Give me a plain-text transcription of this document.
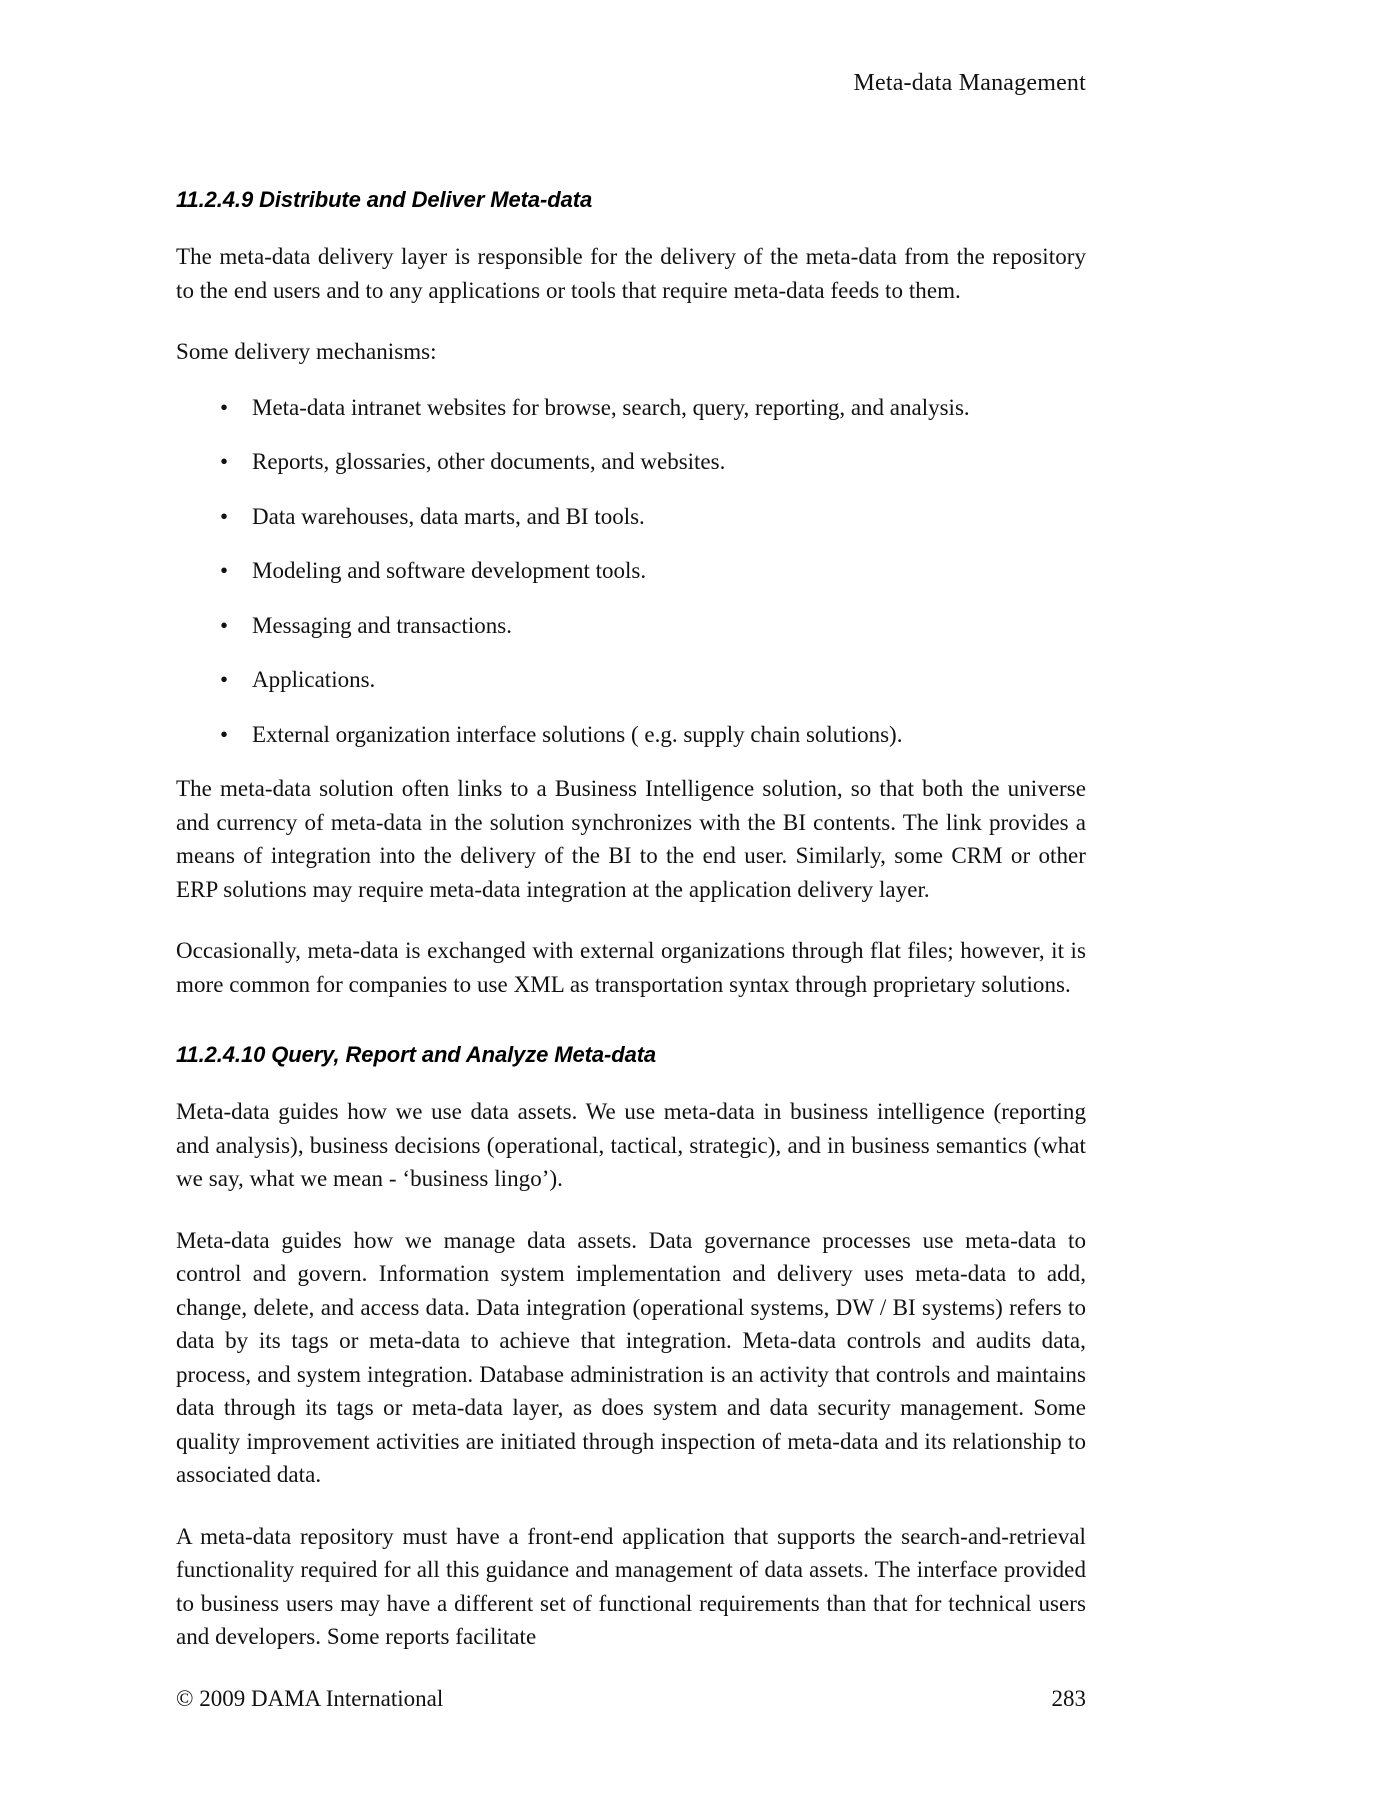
Meta-data Management
11.2.4.9 Distribute and Deliver Meta-data

The meta-data delivery layer is responsible for the delivery of the meta-data from the repository to the end users and to any applications or tools that require meta-data feeds to them.

Some delivery mechanisms:

• Meta-data intranet websites for browse, search, query, reporting, and analysis.
• Reports, glossaries, other documents, and websites.
• Data warehouses, data marts, and BI tools.
• Modeling and software development tools.
• Messaging and transactions.
• Applications.
• External organization interface solutions ( e.g. supply chain solutions).

The meta-data solution often links to a Business Intelligence solution, so that both the universe and currency of meta-data in the solution synchronizes with the BI contents. The link provides a means of integration into the delivery of the BI to the end user. Similarly, some CRM or other ERP solutions may require meta-data integration at the application delivery layer.

Occasionally, meta-data is exchanged with external organizations through flat files; however, it is more common for companies to use XML as transportation syntax through proprietary solutions.

11.2.4.10 Query, Report and Analyze Meta-data

Meta-data guides how we use data assets. We use meta-data in business intelligence (reporting and analysis), business decisions (operational, tactical, strategic), and in business semantics (what we say, what we mean - ‘business lingo’).

Meta-data guides how we manage data assets. Data governance processes use meta-data to control and govern. Information system implementation and delivery uses meta-data to add, change, delete, and access data. Data integration (operational systems, DW / BI systems) refers to data by its tags or meta-data to achieve that integration. Meta-data controls and audits data, process, and system integration. Database administration is an activity that controls and maintains data through its tags or meta-data layer, as does system and data security management. Some quality improvement activities are initiated through inspection of meta-data and its relationship to associated data.

A meta-data repository must have a front-end application that supports the search-and-retrieval functionality required for all this guidance and management of data assets. The interface provided to business users may have a different set of functional requirements than that for technical users and developers. Some reports facilitate

© 2009 DAMA International	283
